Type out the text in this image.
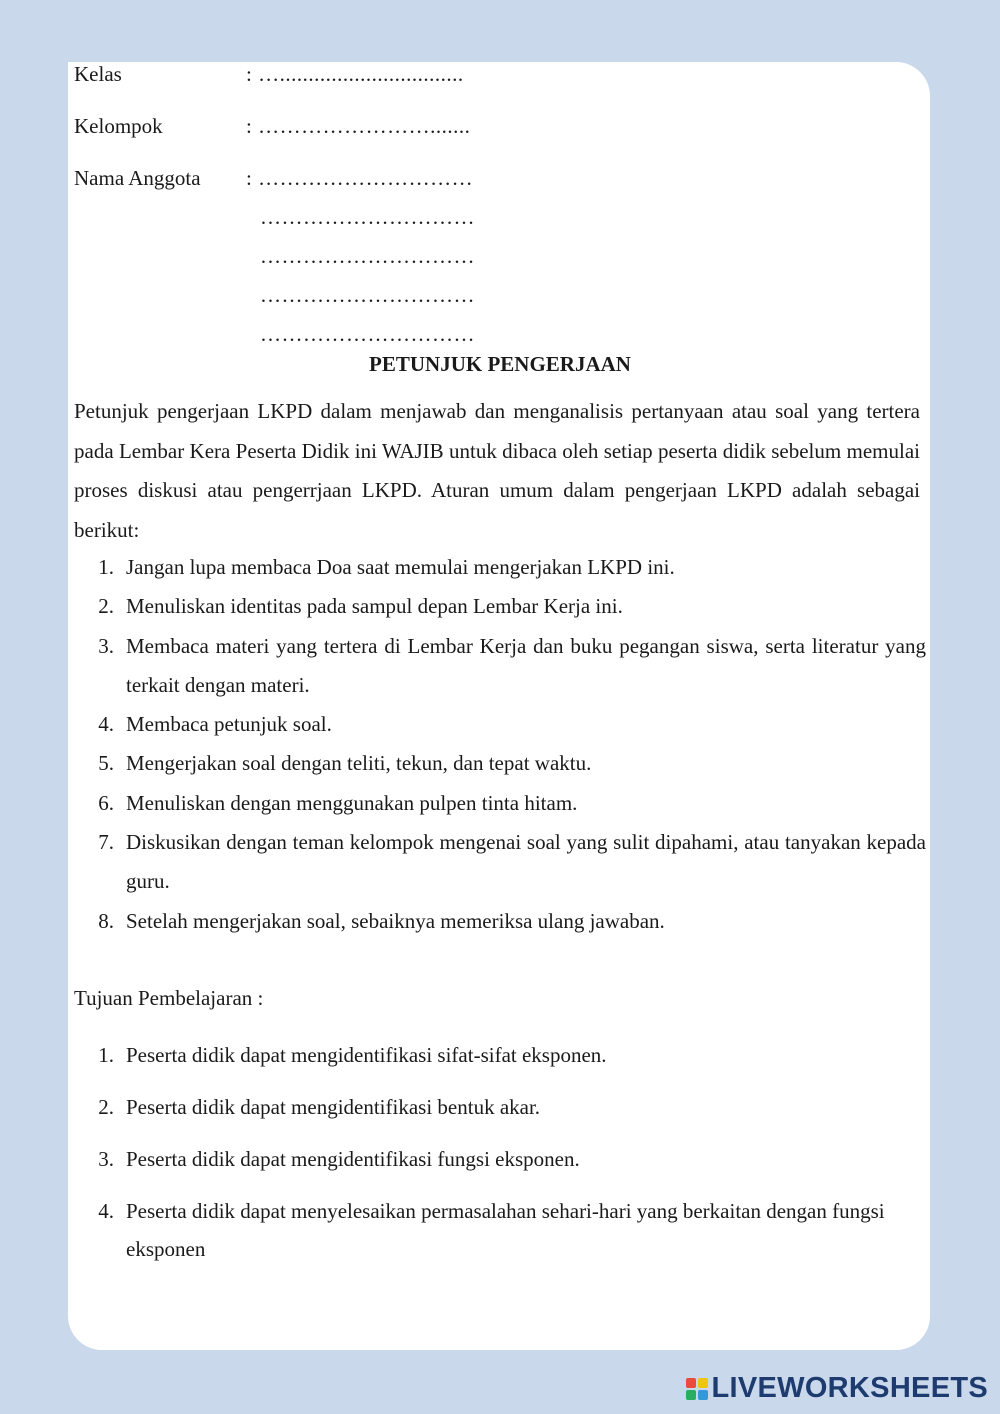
Kelas	: …................................
Kelompok	: …………………….......
Nama Anggota	: …………………………
…………………………
…………………………
…………………………
…………………………
PETUNJUK PENGERJAAN

Petunjuk pengerjaan LKPD dalam menjawab dan menganalisis pertanyaan atau soal yang tertera pada Lembar Kera Peserta Didik ini WAJIB untuk dibaca oleh setiap peserta didik sebelum memulai proses diskusi atau pengerrjaan LKPD. Aturan umum dalam pengerjaan LKPD adalah sebagai berikut:

1. Jangan lupa membaca Doa saat memulai mengerjakan LKPD ini.
2. Menuliskan identitas pada sampul depan Lembar Kerja ini.
3. Membaca materi yang tertera di Lembar Kerja dan buku pegangan siswa, serta literatur yang terkait dengan materi.
4. Membaca petunjuk soal.
5. Mengerjakan soal dengan teliti, tekun, dan tepat waktu.
6. Menuliskan dengan menggunakan pulpen tinta hitam.
7. Diskusikan dengan teman kelompok mengenai soal yang sulit dipahami, atau tanyakan kepada guru.
8. Setelah mengerjakan soal, sebaiknya memeriksa ulang jawaban.
Tujuan Pembelajaran :
1. Peserta didik dapat mengidentifikasi sifat-sifat eksponen.
2. Peserta didik dapat mengidentifikasi bentuk akar.
3. Peserta didik dapat mengidentifikasi fungsi eksponen.
4. Peserta didik dapat menyelesaikan permasalahan sehari-hari yang berkaitan dengan fungsi eksponen
LIVEWORKSHEETS
